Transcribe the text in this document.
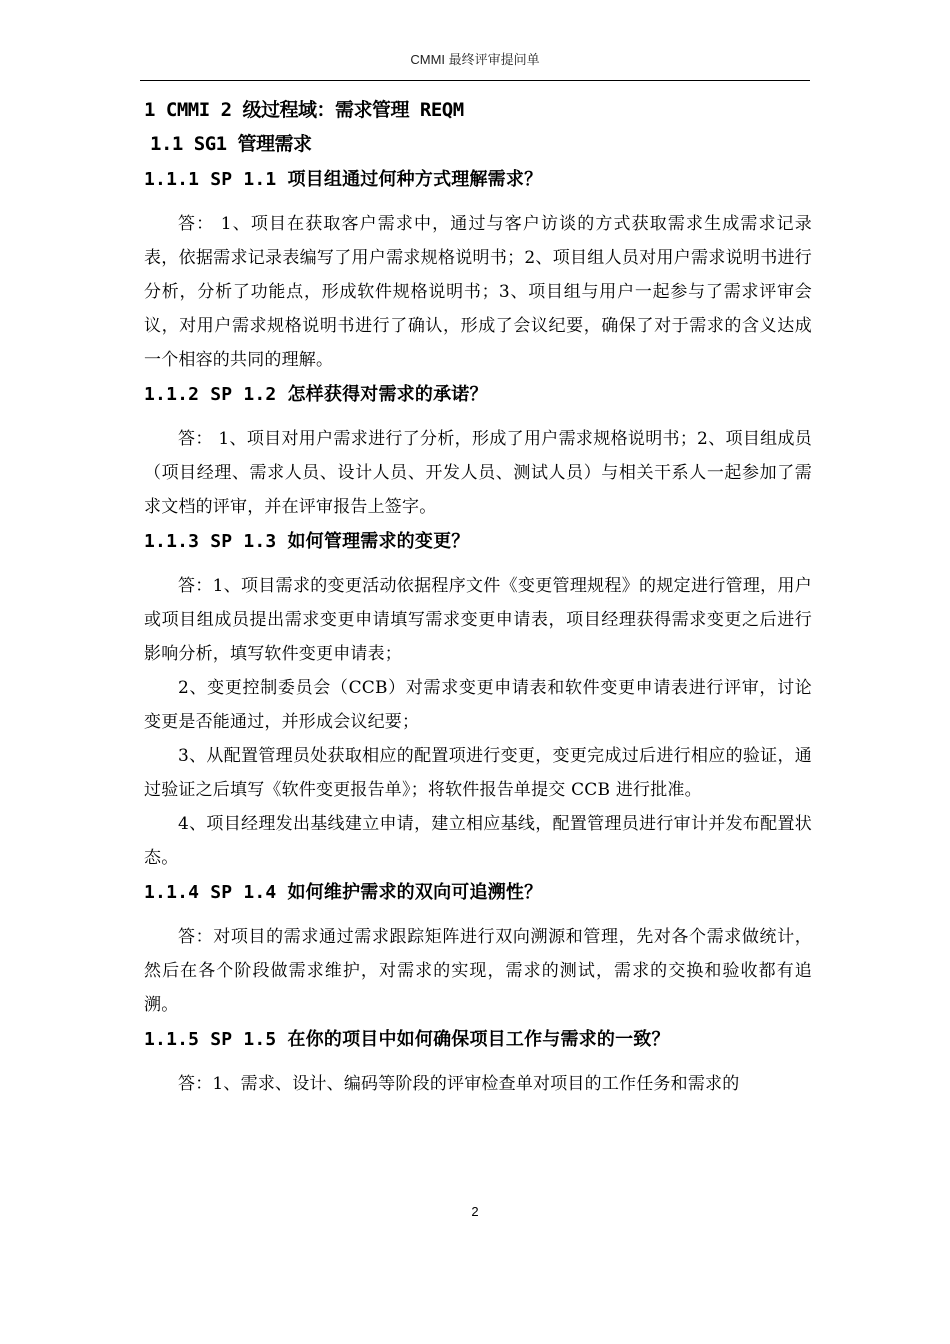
CMMI 最终评审提问单
1 CMMI 2 级过程域：需求管理 REQM
1.1 SG1 管理需求
1.1.1 SP 1.1 项目组通过何种方式理解需求？

答： 1、项目在获取客户需求中，通过与客户访谈的方式获取需求生成需求记录表，依据需求记录表编写了用户需求规格说明书；2、项目组人员对用户需求说明书进行分析，分析了功能点，形成软件规格说明书；3、项目组与用户一起参与了需求评审会议，对用户需求规格说明书进行了确认，形成了会议纪要，确保了对于需求的含义达成一个相容的共同的理解。

1.1.2 SP 1.2 怎样获得对需求的承诺？

答： 1、项目对用户需求进行了分析，形成了用户需求规格说明书；2、项目组成员（项目经理、需求人员、设计人员、开发人员、测试人员）与相关干系人一起参加了需求文档的评审，并在评审报告上签字。

1.1.3 SP 1.3 如何管理需求的变更？

答：1、项目需求的变更活动依据程序文件《变更管理规程》的规定进行管理，用户或项目组成员提出需求变更申请填写需求变更申请表，项目经理获得需求变更之后进行影响分析，填写软件变更申请表；

2、变更控制委员会（CCB）对需求变更申请表和软件变更申请表进行评审，讨论变更是否能通过，并形成会议纪要；

3、从配置管理员处获取相应的配置项进行变更，变更完成过后进行相应的验证，通过验证之后填写《软件变更报告单》；将软件报告单提交 CCB 进行批准。

4、项目经理发出基线建立申请，建立相应基线，配置管理员进行审计并发布配置状态。

1.1.4 SP 1.4 如何维护需求的双向可追溯性？

答：对项目的需求通过需求跟踪矩阵进行双向溯源和管理，先对各个需求做统计，然后在各个阶段做需求维护，对需求的实现，需求的测试，需求的交换和验收都有追溯。

1.1.5 SP 1.5 在你的项目中如何确保项目工作与需求的一致？

答：1、需求、设计、编码等阶段的评审检查单对项目的工作任务和需求的

2
